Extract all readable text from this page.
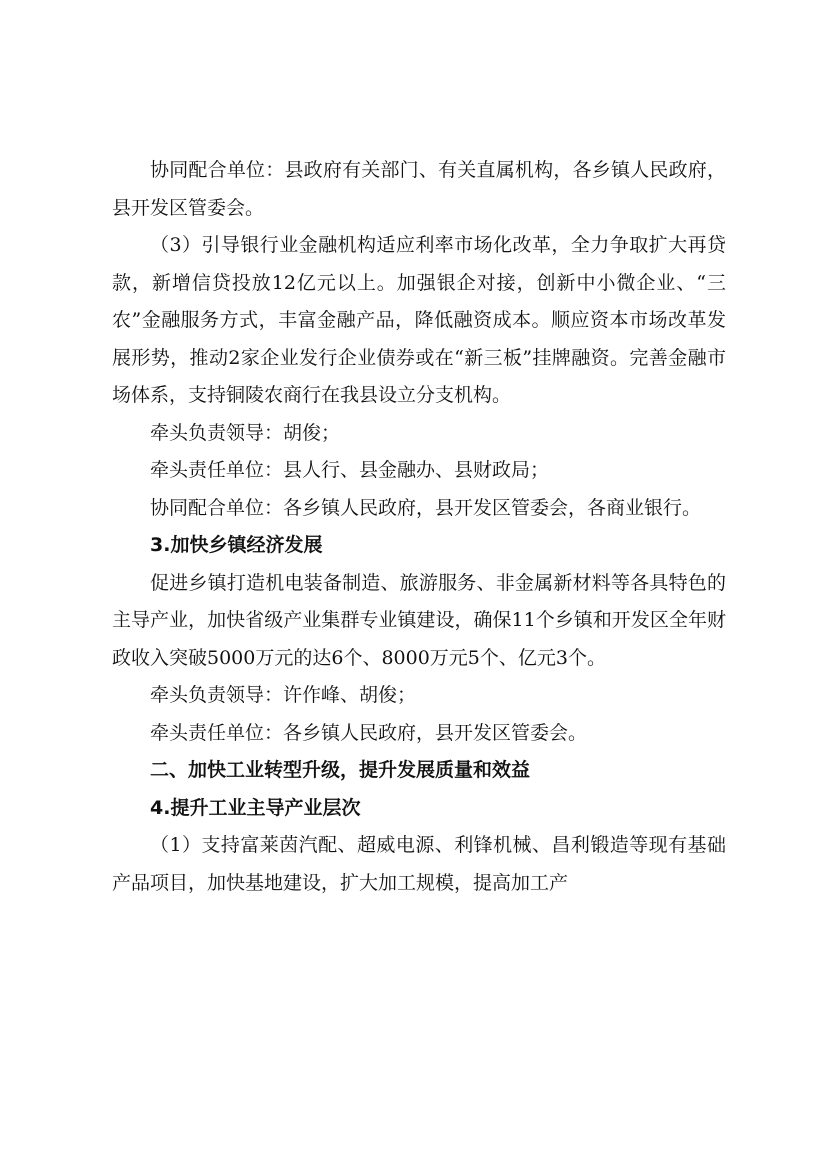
协同配合单位：县政府有关部门、有关直属机构，各乡镇人民政府，县开发区管委会。

（3）引导银行业金融机构适应利率市场化改革，全力争取扩大再贷款，新增信贷投放12亿元以上。加强银企对接，创新中小微企业、“三农”金融服务方式，丰富金融产品，降低融资成本。顺应资本市场改革发展形势，推动2家企业发行企业债券或在“新三板”挂牌融资。完善金融市场体系，支持铜陵农商行在我县设立分支机构。

牵头负责领导：胡俊；

牵头责任单位：县人行、县金融办、县财政局；

协同配合单位：各乡镇人民政府，县开发区管委会，各商业银行。

3.加快乡镇经济发展

促进乡镇打造机电装备制造、旅游服务、非金属新材料等各具特色的主导产业，加快省级产业集群专业镇建设，确保11个乡镇和开发区全年财政收入突破5000万元的达6个、8000万元5个、亿元3个。

牵头负责领导：许作峰、胡俊；

牵头责任单位：各乡镇人民政府，县开发区管委会。

二、加快工业转型升级，提升发展质量和效益

4.提升工业主导产业层次

（1）支持富莱茵汽配、超威电源、利锋机械、昌利锻造等现有基础产品项目，加快基地建设，扩大加工规模，提高加工产
